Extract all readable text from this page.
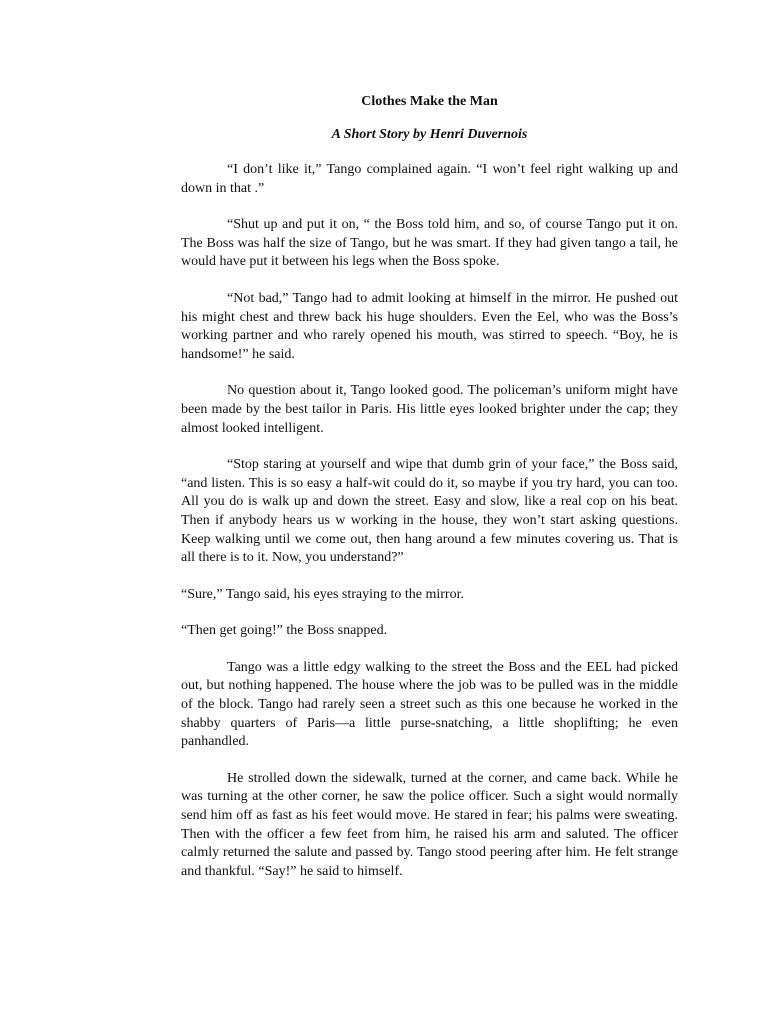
Clothes Make the Man
A Short Story by Henri Duvernois

“I don’t like it,” Tango complained again. “I won’t feel right walking up and down in that .”

“Shut up and put it on, “ the Boss told him, and so, of course Tango put it on. The Boss was half the size of Tango, but he was smart. If they had given tango a tail, he would have put it between his legs when the Boss spoke.

“Not bad,” Tango had to admit looking at himself in the mirror. He pushed out his might chest and threw back his huge shoulders. Even the Eel, who was the Boss’s working partner and who rarely opened his mouth, was stirred to speech. “Boy, he is handsome!” he said.

No question about it, Tango looked good. The policeman’s uniform might have been made by the best tailor in Paris. His little eyes looked brighter under the cap; they almost looked intelligent.

“Stop staring at yourself and wipe that dumb grin of your face,” the Boss said, “and listen. This is so easy a half-wit could do it, so maybe if you try hard, you can too. All you do is walk up and down the street. Easy and slow, like a real cop on his beat. Then if anybody hears us w working in the house, they won’t start asking questions. Keep walking until we come out, then hang around a few minutes covering us. That is all there is to it. Now, you understand?”

“Sure,” Tango said, his eyes straying to the mirror.

“Then get going!” the Boss snapped.

Tango was a little edgy walking to the street the Boss and the EEL had picked out, but nothing happened. The house where the job was to be pulled was in the middle of the block. Tango had rarely seen a street such as this one because he worked in the shabby quarters of Paris—a little purse-snatching, a little shoplifting; he even panhandled.

He strolled down the sidewalk, turned at the corner, and came back. While he was turning at the other corner, he saw the police officer. Such a sight would normally send him off as fast as his feet would move. He stared in fear; his palms were sweating. Then with the officer a few feet from him, he raised his arm and saluted. The officer calmly returned the salute and passed by. Tango stood peering after him. He felt strange and thankful. “Say!” he said to himself.
